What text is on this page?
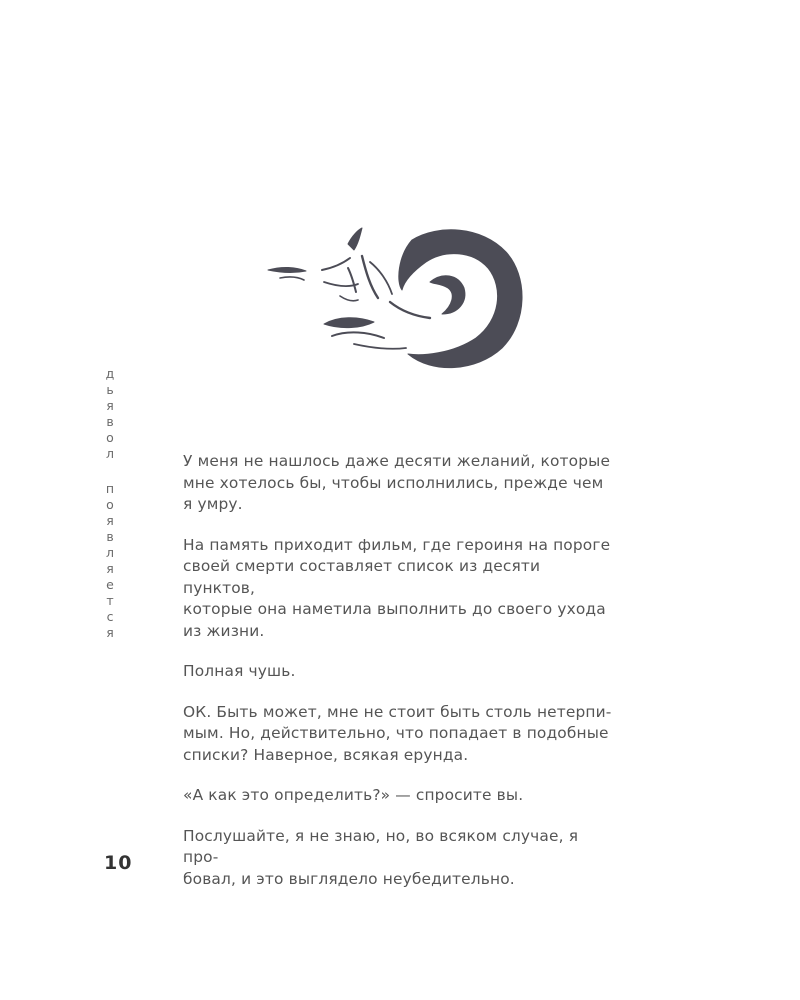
д
ь
я
в
о
л
п
о
я
в
л
я
е
т
с
я

У меня не нашлось даже десяти желаний, которые
мне хотелось бы, чтобы исполнились, прежде чем
я умру.

На память приходит фильм, где героиня на пороге
своей смерти составляет список из десяти пунктов,
которые она наметила выполнить до своего ухода
из жизни.

Полная чушь.

ОК. Быть может, мне не стоит быть столь нетерпи-
мым. Но, действительно, что попадает в подобные
списки? Наверное, всякая ерунда.

«А как это определить?» — спросите вы.

Послушайте, я не знаю, но, во всяком случае, я про-
бовал, и это выглядело неубедительно.

10
